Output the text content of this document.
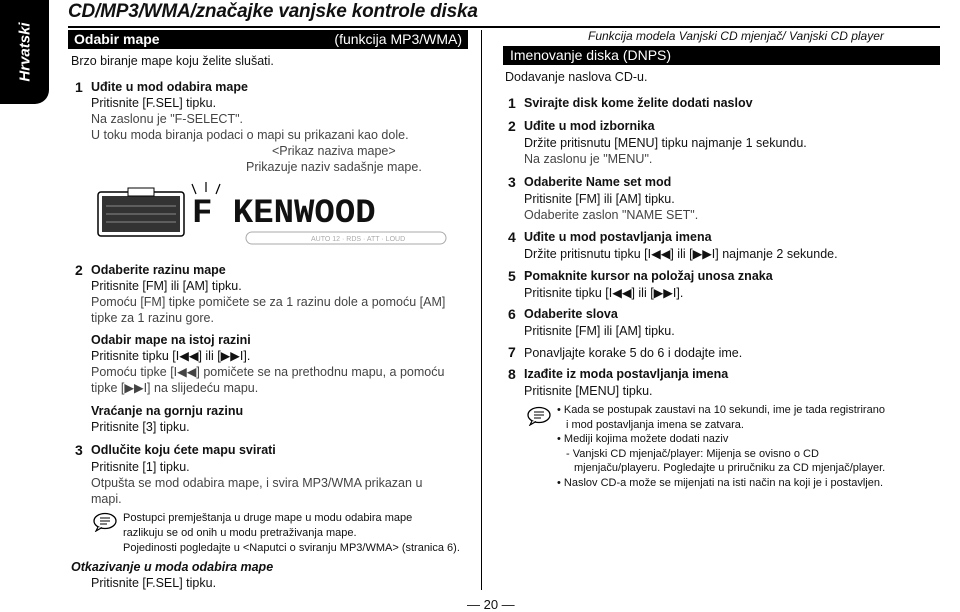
Hrvatski
CD/MP3/WMA/značajke vanjske kontrole diska
Odabir mape	(funkcija MP3/WMA)
Brzo biranje mape koju želite slušati.
1 Uđite u mod odabira mape
Pritisnite [F.SEL] tipku.
Na zaslonu je "F-SELECT".
U toku moda biranja podaci o mapi su prikazani kao dole.
<Prikaz naziva mape>
Prikazuje naziv sadašnje mape.
F KENWOOD
AUTO 12 · RDS · ATT · LOUD
2 Odaberite razinu mape
Pritisnite [FM] ili [AM] tipku.
Pomoću [FM] tipke pomičete se za 1 razinu dole a pomoću [AM]
tipke za 1 razinu gore.
Odabir mape na istoj razini
Pritisnite tipku [I◀◀] ili [▶▶I].
Pomoću tipke [I◀◀] pomičete se na prethodnu mapu, a pomoću
tipke [▶▶I] na slijedeću mapu.
Vraćanje na gornju razinu
Pritisnite [3] tipku.
3 Odlučite koju ćete mapu svirati
Pritisnite [1] tipku.
Otpušta se mod odabira mape, i svira MP3/WMA prikazan u
mapi.
Postupci premještanja u druge mape u modu odabira mape
razlikuju se od onih u modu pretraživanja mape.
Pojedinosti pogledajte u <Naputci o sviranju MP3/WMA> (stranica 6).
Otkazivanje u moda odabira mape
Pritisnite [F.SEL] tipku.
Funkcija modela Vanjski CD mjenjač/ Vanjski CD player
Imenovanje diska (DNPS)
Dodavanje naslova CD-u.
1 Svirajte disk kome želite dodati naslov
2 Uđite u mod izbornika
Držite pritisnutu [MENU] tipku najmanje 1 sekundu.
Na zaslonu je "MENU".
3 Odaberite Name set mod
Pritisnite [FM] ili [AM] tipku.
Odaberite zaslon "NAME SET".
4 Uđite u mod postavljanja imena
Držite pritisnutu tipku [I◀◀] ili [▶▶I] najmanje 2 sekunde.
5 Pomaknite kursor na položaj unosa znaka
Pritisnite tipku [I◀◀] ili [▶▶I].
6 Odaberite slova
Pritisnite [FM] ili [AM] tipku.
7 Ponavljajte korake 5 do 6 i dodajte ime.
8 Izađite iz moda postavljanja imena
Pritisnite [MENU] tipku.
• Kada se postupak zaustavi na 10 sekundi, ime je tada registrirano
i mod postavljanja imena se zatvara.
• Mediji kojima možete dodati naziv
- Vanjski CD mjenjač/player: Mijenja se ovisno o CD
mjenjaču/playeru. Pogledajte u priručniku za CD mjenjač/player.
• Naslov CD-a može se mijenjati na isti način na koji je i postavljen.
— 20 —
